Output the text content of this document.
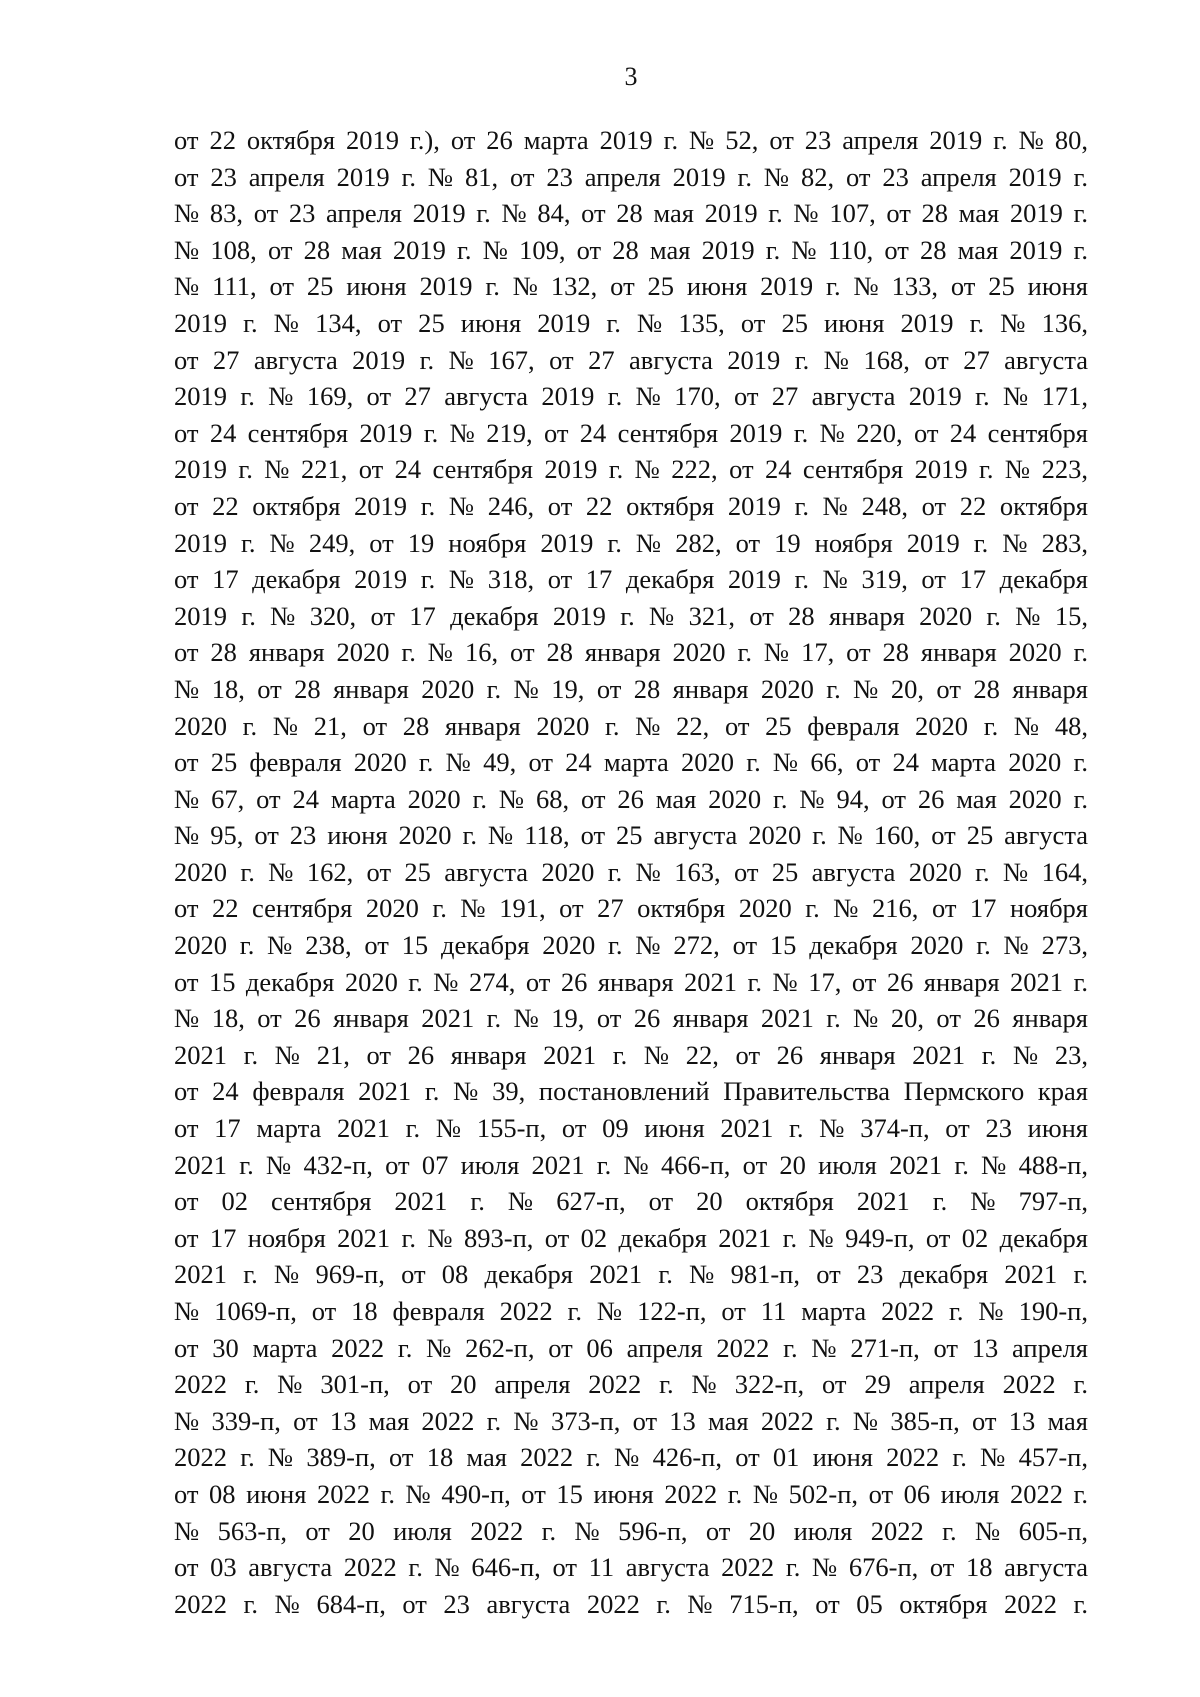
3
от 22 октября 2019 г.), от 26 марта 2019 г. № 52, от 23 апреля 2019 г. № 80,
от 23 апреля 2019 г. № 81, от 23 апреля 2019 г. № 82, от 23 апреля 2019 г.
№ 83, от 23 апреля 2019 г. № 84, от 28 мая 2019 г. № 107, от 28 мая 2019 г.
№ 108, от 28 мая 2019 г. № 109, от 28 мая 2019 г. № 110, от 28 мая 2019 г.
№ 111, от 25 июня 2019 г. № 132, от 25 июня 2019 г. № 133, от 25 июня
2019 г. № 134, от 25 июня 2019 г. № 135, от 25 июня 2019 г. № 136,
от 27 августа 2019 г. № 167, от 27 августа 2019 г. № 168, от 27 августа
2019 г. № 169, от 27 августа 2019 г. № 170, от 27 августа 2019 г. № 171,
от 24 сентября 2019 г. № 219, от 24 сентября 2019 г. № 220, от 24 сентября
2019 г. № 221, от 24 сентября 2019 г. № 222, от 24 сентября 2019 г. № 223,
от 22 октября 2019 г. № 246, от 22 октября 2019 г. № 248, от 22 октября
2019 г. № 249, от 19 ноября 2019 г. № 282, от 19 ноября 2019 г. № 283,
от 17 декабря 2019 г. № 318, от 17 декабря 2019 г. № 319, от 17 декабря
2019 г. № 320, от 17 декабря 2019 г. № 321, от 28 января 2020 г. № 15,
от 28 января 2020 г. № 16, от 28 января 2020 г. № 17, от 28 января 2020 г.
№ 18, от 28 января 2020 г. № 19, от 28 января 2020 г. № 20, от 28 января
2020 г. № 21, от 28 января 2020 г. № 22, от 25 февраля 2020 г. № 48,
от 25 февраля 2020 г. № 49, от 24 марта 2020 г. № 66, от 24 марта 2020 г.
№ 67, от 24 марта 2020 г. № 68, от 26 мая 2020 г. № 94, от 26 мая 2020 г.
№ 95, от 23 июня 2020 г. № 118, от 25 августа 2020 г. № 160, от 25 августа
2020 г. № 162, от 25 августа 2020 г. № 163, от 25 августа 2020 г. № 164,
от 22 сентября 2020 г. № 191, от 27 октября 2020 г. № 216, от 17 ноября
2020 г. № 238, от 15 декабря 2020 г. № 272, от 15 декабря 2020 г. № 273,
от 15 декабря 2020 г. № 274, от 26 января 2021 г. № 17, от 26 января 2021 г.
№ 18, от 26 января 2021 г. № 19, от 26 января 2021 г. № 20, от 26 января
2021 г. № 21, от 26 января 2021 г. № 22, от 26 января 2021 г. № 23,
от 24 февраля 2021 г. № 39, постановлений Правительства Пермского края
от 17 марта 2021 г. № 155-п, от 09 июня 2021 г. № 374-п, от 23 июня
2021 г. № 432-п, от 07 июля 2021 г. № 466-п, от 20 июля 2021 г. № 488-п,
от 02 сентября 2021 г. № 627-п, от 20 октября 2021 г. № 797-п,
от 17 ноября 2021 г. № 893-п, от 02 декабря 2021 г. № 949-п, от 02 декабря
2021 г. № 969-п, от 08 декабря 2021 г. № 981-п, от 23 декабря 2021 г.
№ 1069-п, от 18 февраля 2022 г. № 122-п, от 11 марта 2022 г. № 190-п,
от 30 марта 2022 г. № 262-п, от 06 апреля 2022 г. № 271-п, от 13 апреля
2022 г. № 301-п, от 20 апреля 2022 г. № 322-п, от 29 апреля 2022 г.
№ 339-п, от 13 мая 2022 г. № 373-п, от 13 мая 2022 г. № 385-п, от 13 мая
2022 г. № 389-п, от 18 мая 2022 г. № 426-п, от 01 июня 2022 г. № 457-п,
от 08 июня 2022 г. № 490-п, от 15 июня 2022 г. № 502-п, от 06 июля 2022 г.
№ 563-п, от 20 июля 2022 г. № 596-п, от 20 июля 2022 г. № 605-п,
от 03 августа 2022 г. № 646-п, от 11 августа 2022 г. № 676-п, от 18 августа
2022 г. № 684-п, от 23 августа 2022 г. № 715-п, от 05 октября 2022 г.
